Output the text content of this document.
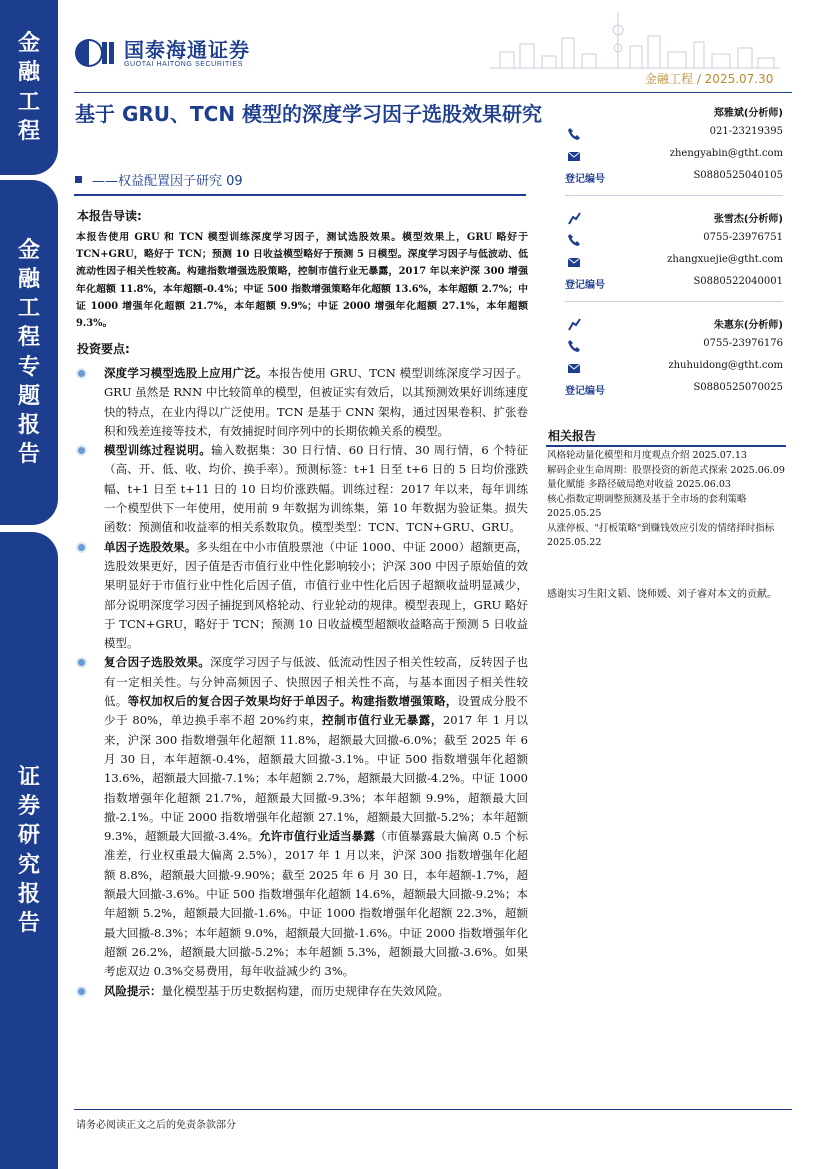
金
融
工
程
金
融
工
程
专
题
报
告
证
券
研
究
报
告
国泰海通证券
GUOTAI HAITONG SECURITIES
金融工程 / 2025.07.30
基于 GRU、TCN 模型的深度学习因子选股效果研究
——权益配置因子研究 09
本报告导读:
本报告使用 GRU 和 TCN 模型训练深度学习因子，测试选股效果。模型效果上，GRU 略好于 TCN+GRU，略好于 TCN；预测 10 日收益模型略好于预测 5 日模型。深度学习因子与低波动、低流动性因子相关性较高。构建指数增强选股策略，控制市值行业无暴露，2017 年以来沪深 300 增强年化超额 11.8%，本年超额-0.4%；中证 500 指数增强策略年化超额 13.6%，本年超额 2.7%；中证 1000 增强年化超额 21.7%，本年超额 9.9%；中证 2000 增强年化超额 27.1%，本年超额 9.3%。
投资要点:
深度学习模型选股上应用广泛。本报告使用 GRU、TCN 模型训练深度学习因子。GRU 虽然是 RNN 中比较简单的模型，但被证实有效后，以其预测效果好训练速度快的特点，在业内得以广泛使用。TCN 是基于 CNN 架构，通过因果卷积、扩张卷积和残差连接等技术，有效捕捉时间序列中的长期依赖关系的模型。
模型训练过程说明。输入数据集：30 日行情、60 日行情、30 周行情，6 个特征（高、开、低、收、均价、换手率）。预测标签：t+1 日至 t+6 日的 5 日均价涨跌幅、t+1 日至 t+11 日的 10 日均价涨跌幅。训练过程：2017 年以来，每年训练一个模型供下一年使用，使用前 9 年数据为训练集，第 10 年数据为验证集。损失函数：预测值和收益率的相关系数取负。模型类型：TCN、TCN+GRU、GRU。
单因子选股效果。多头组在中小市值股票池（中证 1000、中证 2000）超额更高，选股效果更好，因子值是否市值行业中性化影响较小；沪深 300 中因子原始值的效果明显好于市值行业中性化后因子值，市值行业中性化后因子超额收益明显减少，部分说明深度学习因子捕捉到风格轮动、行业轮动的规律。模型表现上，GRU 略好于 TCN+GRU，略好于 TCN；预测 10 日收益模型超额收益略高于预测 5 日收益模型。
复合因子选股效果。深度学习因子与低波、低流动性因子相关性较高，反转因子也有一定相关性。与分钟高频因子、快照因子相关性不高，与基本面因子相关性较低。等权加权后的复合因子效果均好于单因子。构建指数增强策略，设置成分股不少于 80%，单边换手率不超 20%约束，控制市值行业无暴露，2017 年 1 月以来，沪深 300 指数增强年化超额 11.8%，超额最大回撤-6.0%；截至 2025 年 6 月 30 日，本年超额-0.4%，超额最大回撤-3.1%。中证 500 指数增强年化超额 13.6%，超额最大回撤-7.1%；本年超额 2.7%，超额最大回撤-4.2%。中证 1000 指数增强年化超额 21.7%，超额最大回撤-9.3%；本年超额 9.9%，超额最大回撤-2.1%。中证 2000 指数增强年化超额 27.1%，超额最大回撤-5.2%；本年超额 9.3%，超额最大回撤-3.4%。允许市值行业适当暴露（市值暴露最大偏离 0.5 个标准差，行业权重最大偏离 2.5%），2017 年 1 月以来，沪深 300 指数增强年化超额 8.8%，超额最大回撤-9.90%；截至 2025 年 6 月 30 日，本年超额-1.7%，超额最大回撤-3.6%。中证 500 指数增强年化超额 14.6%，超额最大回撤-9.2%；本年超额 5.2%，超额最大回撤-1.6%。中证 1000 指数增强年化超额 22.3%，超额最大回撤-8.3%；本年超额 9.0%，超额最大回撤-1.6%。中证 2000 指数增强年化超额 26.2%，超额最大回撤-5.2%；本年超额 5.3%，超额最大回撤-3.6%。如果考虑双边 0.3%交易费用，每年收益减少约 3%。
风险提示：量化模型基于历史数据构建，而历史规律存在失效风险。
郑雅斌(分析师)
021-23219395
zhengyabin@gtht.com
登记编号	S0880525040105
张雪杰(分析师)
0755-23976751
zhangxuejie@gtht.com
登记编号	S0880522040001
朱惠东(分析师)
0755-23976176
zhuhuidong@gtht.com
登记编号	S0880525070025
相关报告
风格轮动量化模型和月度观点介绍 2025.07.13
解码企业生命周期：股票投资的新范式探索 2025.06.09
量化赋能 多路径破局绝对收益 2025.06.03
核心指数定期调整预测及基于全市场的套利策略 2025.05.25
从涨停板、"打板策略"到赚钱效应引发的情绪择时指标 2025.05.22
感谢实习生阳文韬、饶师媛、刘子睿对本文的贡献。
请务必阅读正文之后的免责条款部分
